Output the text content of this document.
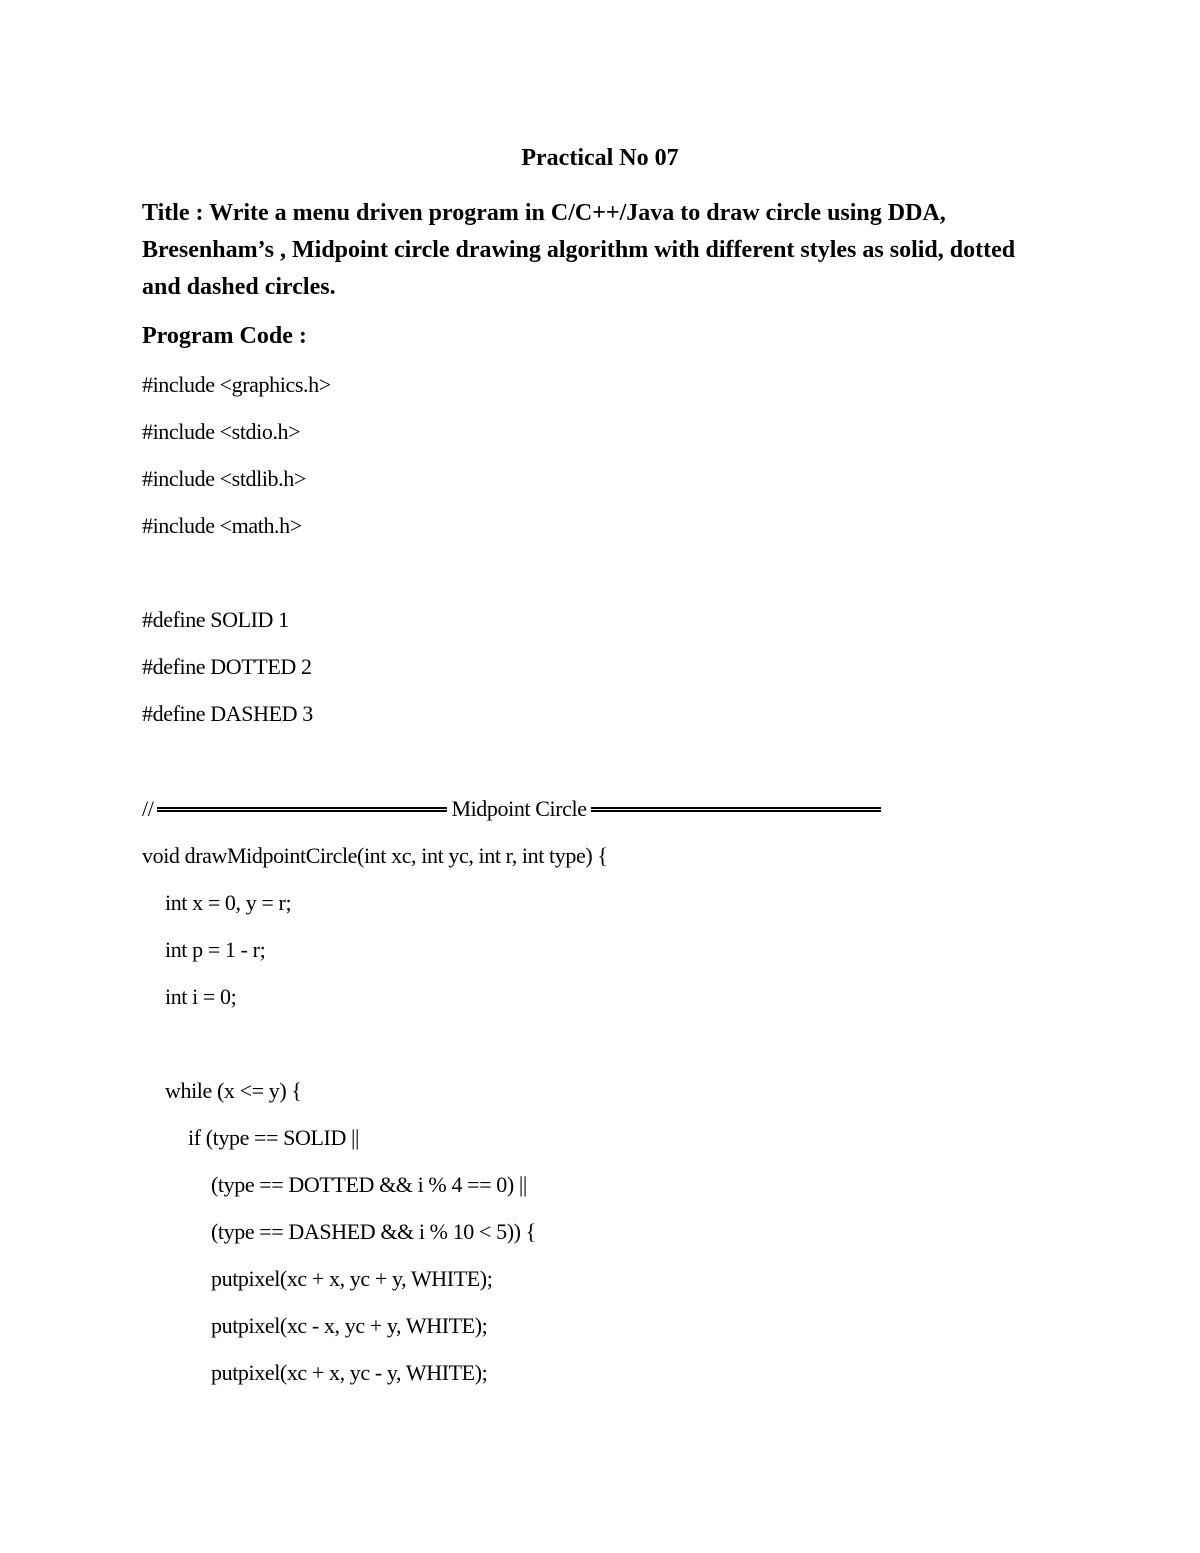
Practical No 07

Title : Write a menu driven program in C/C++/Java to draw circle using DDA, Bresenham’s , Midpoint circle drawing algorithm with different styles as solid, dotted and dashed circles.

Program Code :

#include <graphics.h>
#include <stdio.h>
#include <stdlib.h>
#include <math.h>
#define SOLID 1
#define DOTTED 2
#define DASHED 3
//	Midpoint Circle
void drawMidpointCircle(int xc, int yc, int r, int type) {
int x = 0, y = r;
int p = 1 - r;
int i = 0;
while (x <= y) {
if (type == SOLID ||
(type == DOTTED && i % 4 == 0) ||
(type == DASHED && i % 10 < 5)) {
putpixel(xc + x, yc + y, WHITE);
putpixel(xc - x, yc + y, WHITE);
putpixel(xc + x, yc - y, WHITE);
